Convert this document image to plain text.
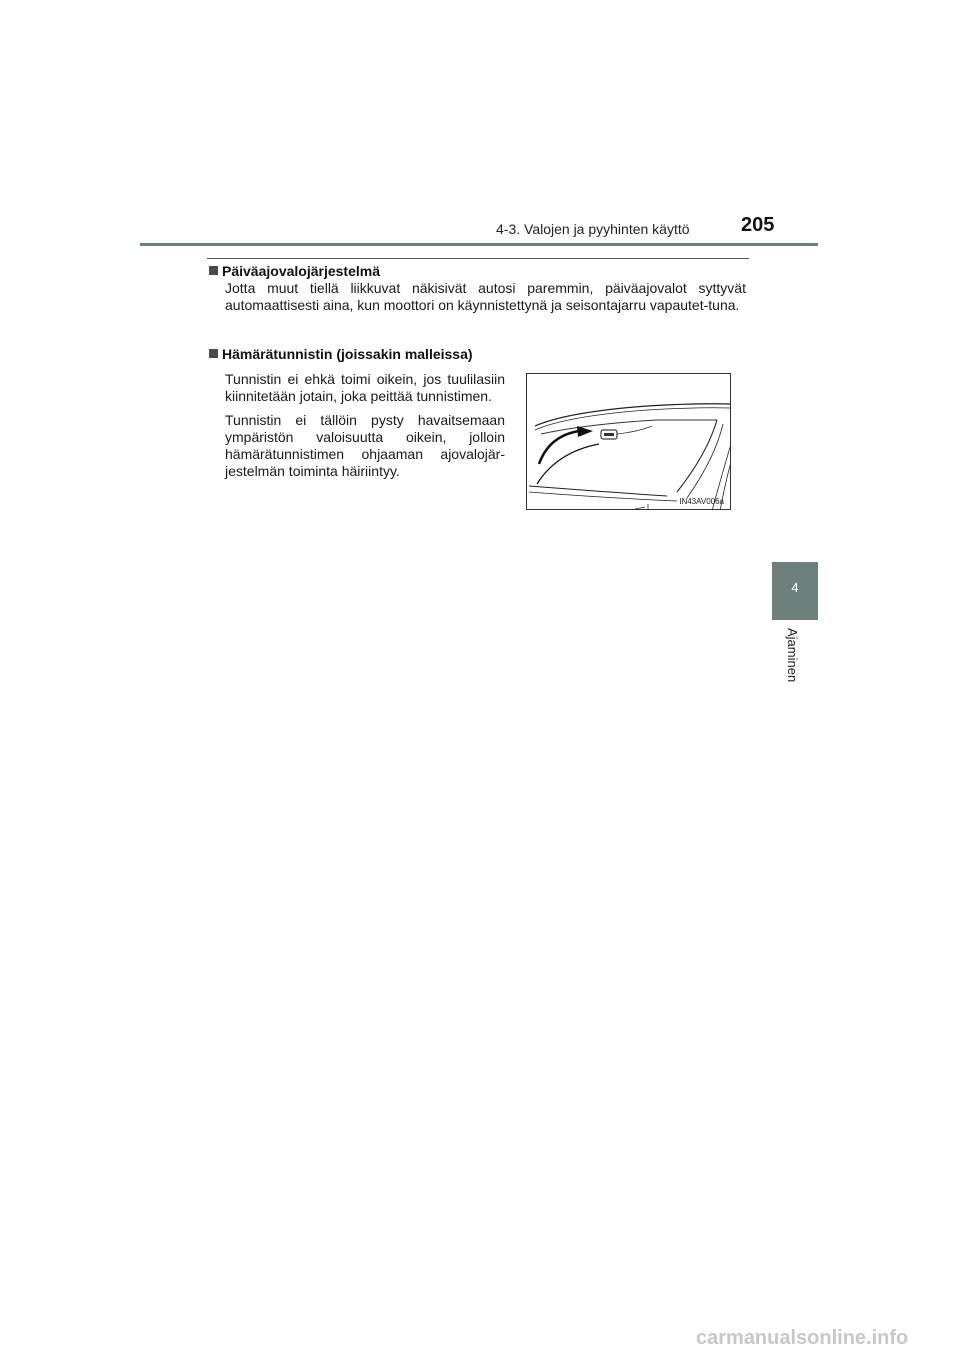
4-3. Valojen ja pyyhinten käyttö	205
4
Ajaminen
Päiväajovalojärjestelmä
Jotta muut tiellä liikkuvat näkisivät autosi paremmin, päiväajovalot syttyvät automaattisesti aina, kun moottori on käynnistettynä ja seisontajarru vapautet-tuna.
Hämärätunnistin (joissakin malleissa)
Tunnistin ei ehkä toimi oikein, jos tuulilasiin kiinnitetään jotain, joka peittää tunnistimen.
Tunnistin ei tällöin pysty havaitsemaan ympäristön valoisuutta oikein, jolloin hämärätunnistimen ohjaaman ajovalojär-jestelmän toiminta häiriintyy.
IN43AV006a
carmanualsonline.info
